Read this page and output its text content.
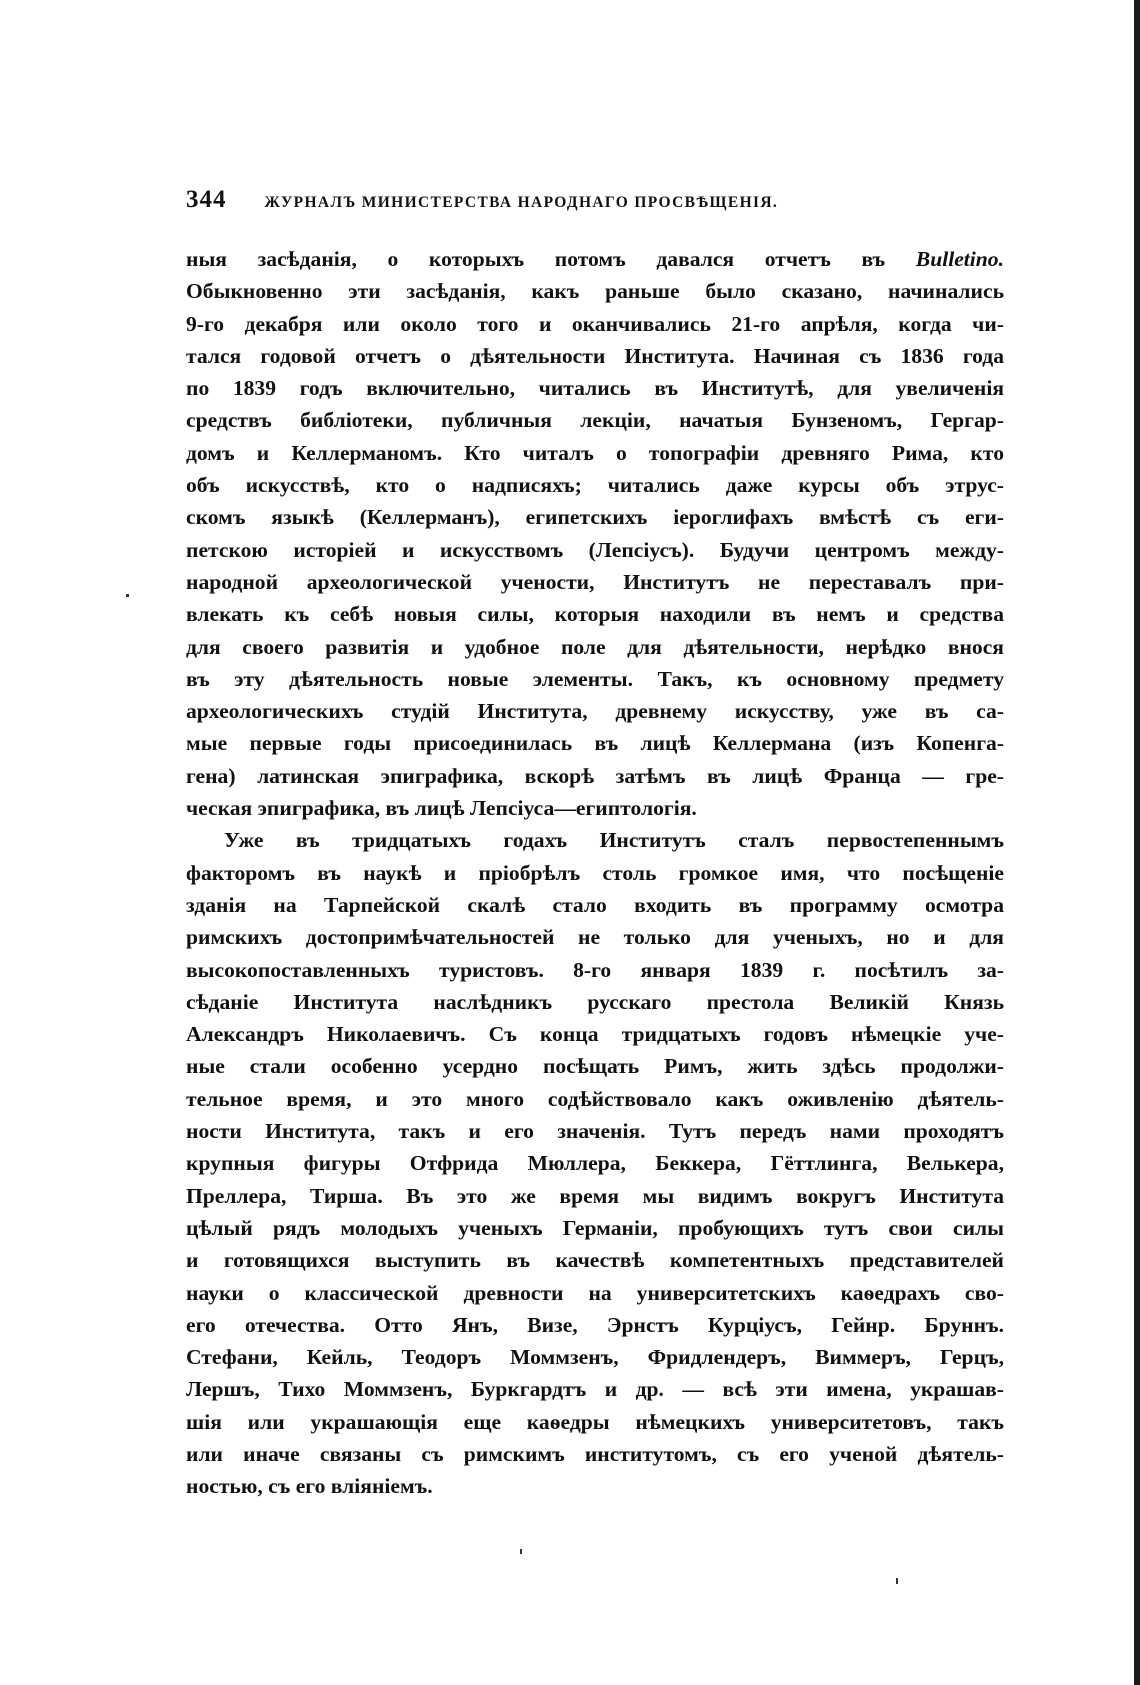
344 ЖУРНАЛЪ МИНИСТЕРСТВА НАРОДНАГО ПРОСВѢЩЕНІЯ.
ныя засѣданія, о которыхъ потомъ давался отчетъ въ Bulletino.
Обыкновенно эти засѣданія, какъ раньше было сказано, начинались
9-го декабря или около того и оканчивались 21-го апрѣля, когда чи-
тался годовой отчетъ о дѣятельности Института. Начиная съ 1836 года
по 1839 годъ включительно, читались въ Институтѣ, для увеличенія
средствъ библіотеки, публичныя лекціи, начатыя Бунзеномъ, Гергар-
домъ и Келлерманомъ. Кто читалъ о топографіи древняго Рима, кто
объ искусствѣ, кто о надписяхъ; читались даже курсы объ этрус-
скомъ языкѣ (Келлерманъ), египетскихъ іероглифахъ вмѣстѣ съ еги-
петскою исторіей и искусствомъ (Лепсіусъ). Будучи центромъ между-
народной археологической учености, Институтъ не переставалъ при-
влекать къ себѣ новыя силы, которыя находили въ немъ и средства
для своего развитія и удобное поле для дѣятельности, нерѣдко внося
въ эту дѣятельность новые элементы. Такъ, къ основному предмету
археологическихъ студій Института, древнему искусству, уже въ са-
мые первые годы присоединилась въ лицѣ Келлермана (изъ Копенга-
гена) латинская эпиграфика, вскорѣ затѣмъ въ лицѣ Франца — гре-
ческая эпиграфика, въ лицѣ Лепсіуса—египтологія.
Уже въ тридцатыхъ годахъ Институтъ сталъ первостепеннымъ
факторомъ въ наукѣ и пріобрѣлъ столь громкое имя, что посѣщеніе
зданія на Тарпейской скалѣ стало входить въ программу осмотра
римскихъ достопримѣчательностей не только для ученыхъ, но и для
высокопоставленныхъ туристовъ. 8-го января 1839 г. посѣтилъ за-
сѣданіе Института наслѣдникъ русскаго престола Великій Князь
Александръ Николаевичъ. Съ конца тридцатыхъ годовъ нѣмецкіе уче-
ные стали особенно усердно посѣщать Римъ, жить здѣсь продолжи-
тельное время, и это много содѣйствовало какъ оживленію дѣятель-
ности Института, такъ и его значенія. Тутъ передъ нами проходятъ
крупныя фигуры Отфрида Мюллера, Беккера, Гёттлинга, Велькера,
Преллера, Тирша. Въ это же время мы видимъ вокругъ Института
цѣлый рядъ молодыхъ ученыхъ Германіи, пробующихъ тутъ свои силы
и готовящихся выступить въ качествѣ компетентныхъ представителей
науки о классической древности на университетскихъ каѳедрахъ сво-
его отечества. Отто Янъ, Визе, Эрнстъ Курціусъ, Гейнр. Бруннъ.
Стефани, Кейль, Теодоръ Моммзенъ, Фридлендеръ, Виммеръ, Герцъ,
Лершъ, Тихо Моммзенъ, Буркгардтъ и др. — всѣ эти имена, украшав-
шія или украшающія еще каѳедры нѣмецкихъ университетовъ, такъ
или иначе связаны съ римскимъ институтомъ, съ его ученой дѣятель-
ностью, съ его вліяніемъ.
